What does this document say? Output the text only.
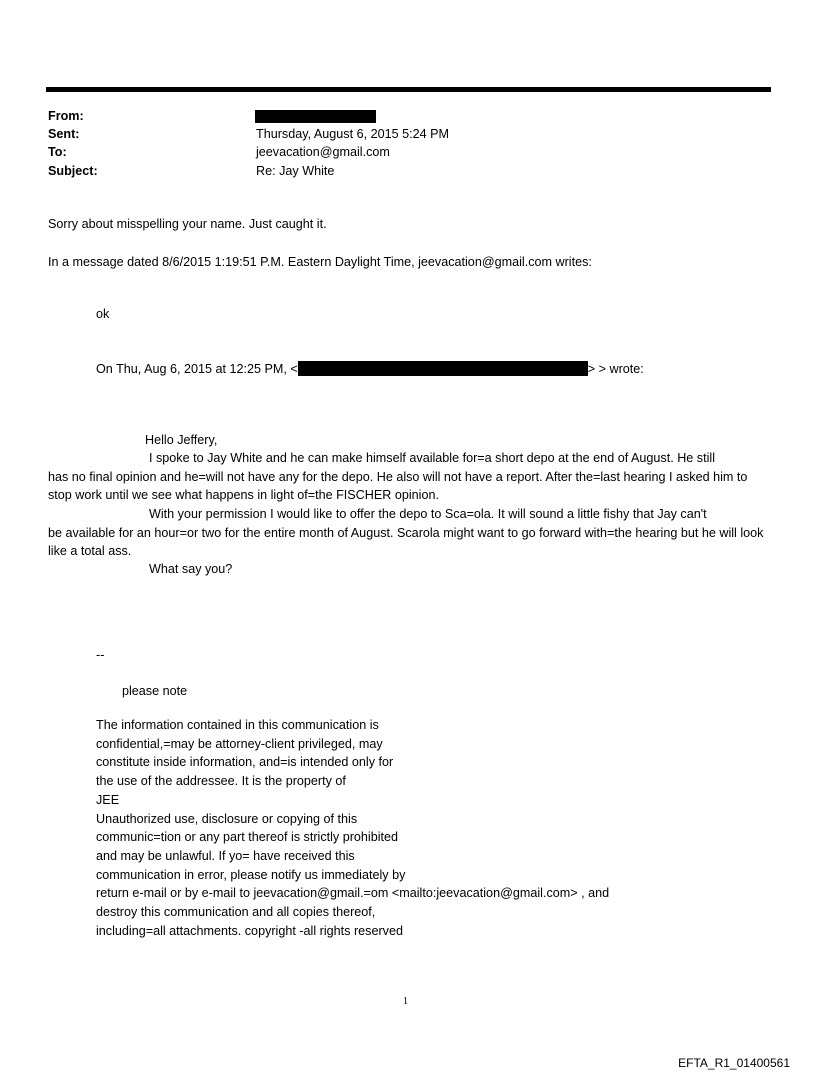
From:
Sent:	Thursday, August 6, 2015 5:24 PM
To:	jeevacation@gmail.com
Subject:	Re: Jay White
Sorry about misspelling your name. Just caught it.
In a message dated 8/6/2015 1:19:51 P.M. Eastern Daylight Time, jeevacation@gmail.com writes:
ok
On Thu, Aug 6, 2015 at 12:25 PM, <	> > wrote:
Hello Jeffery,
I spoke to Jay White and he can make himself available for=a short depo at the end of August. He still
has no final opinion and he=will not have any for the depo. He also will not have a report. After the=last hearing I asked him to stop work until we see what happens in light of=the FISCHER opinion.
With your permission I would like to offer the depo to Sca=ola. It will sound a little fishy that Jay can't
be available for an hour=or two for the entire month of August. Scarola might want to go forward with=the hearing but he will look like a total ass.
What say you?
--
please note
The information contained in this communication is
confidential,=may be attorney-client privileged, may
constitute inside information, and=is intended only for
the use of the addressee. It is the property of
JEE
Unauthorized use, disclosure or copying of this
communic=tion or any part thereof is strictly prohibited
and may be unlawful. If yo= have received this
communication in error, please notify us immediately by
return e-mail or by e-mail to jeevacation@gmail.=om <mailto:jeevacation@gmail.com> , and
destroy this communication and all copies thereof,
including=all attachments. copyright -all rights reserved
1
EFTA_R1_01400561
